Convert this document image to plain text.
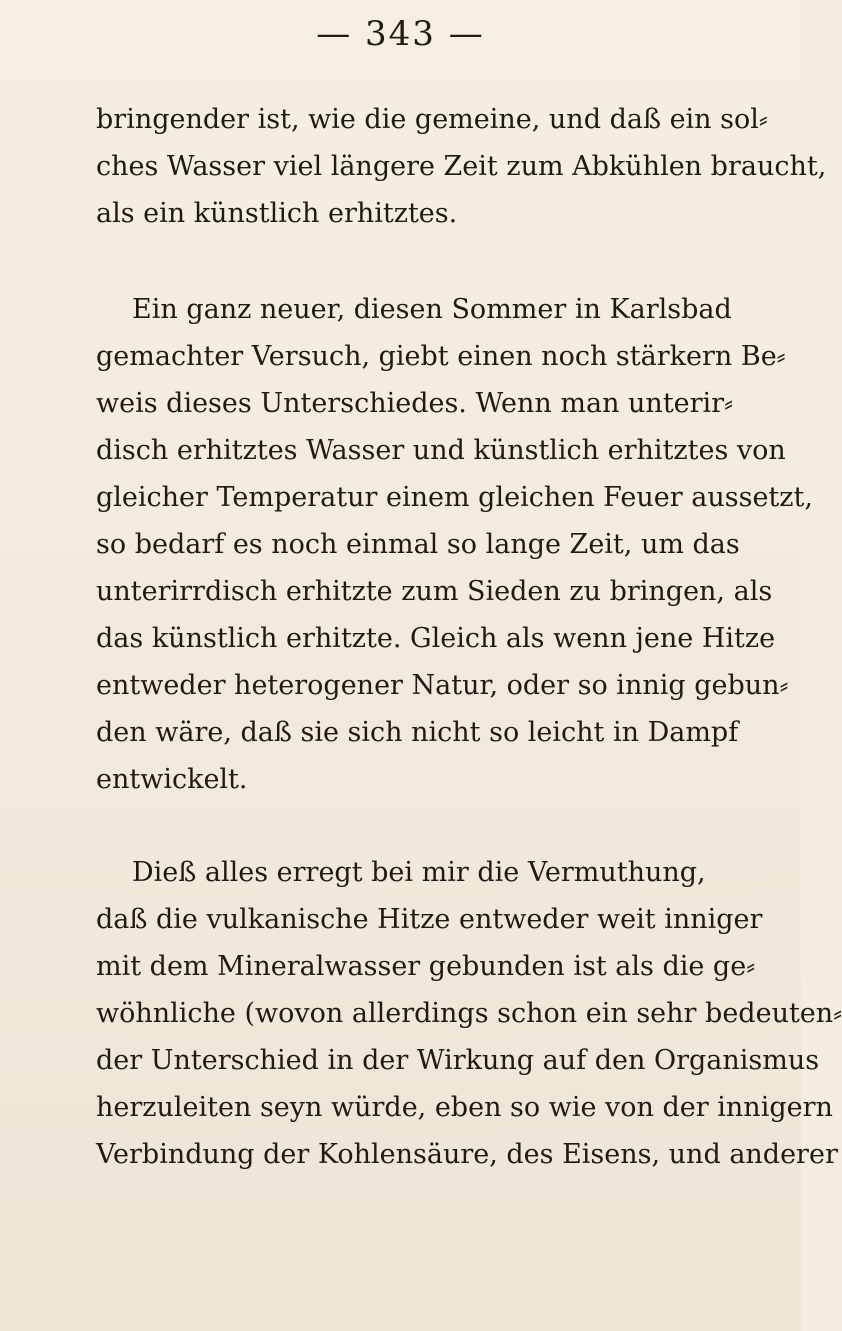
— 343 —
bringender ist, wie die gemeine, und daß ein sol⸗
ches Wasser viel längere Zeit zum Abkühlen braucht,
als ein künstlich erhitztes.
Ein ganz neuer, diesen Sommer in Karlsbad
gemachter Versuch, giebt einen noch stärkern Be⸗
weis dieses Unterschiedes. Wenn man unterir⸗
disch erhitztes Wasser und künstlich erhitztes von
gleicher Temperatur einem gleichen Feuer aussetzt,
so bedarf es noch einmal so lange Zeit, um das
unterirrdisch erhitzte zum Sieden zu bringen, als
das künstlich erhitzte. Gleich als wenn jene Hitze
entweder heterogener Natur, oder so innig gebun⸗
den wäre, daß sie sich nicht so leicht in Dampf
entwickelt.
Dieß alles erregt bei mir die Vermuthung,
daß die vulkanische Hitze entweder weit inniger
mit dem Mineralwasser gebunden ist als die ge⸗
wöhnliche (wovon allerdings schon ein sehr bedeuten⸗
der Unterschied in der Wirkung auf den Organismus
herzuleiten seyn würde, eben so wie von der innigern
Verbindung der Kohlensäure, des Eisens, und anderer
